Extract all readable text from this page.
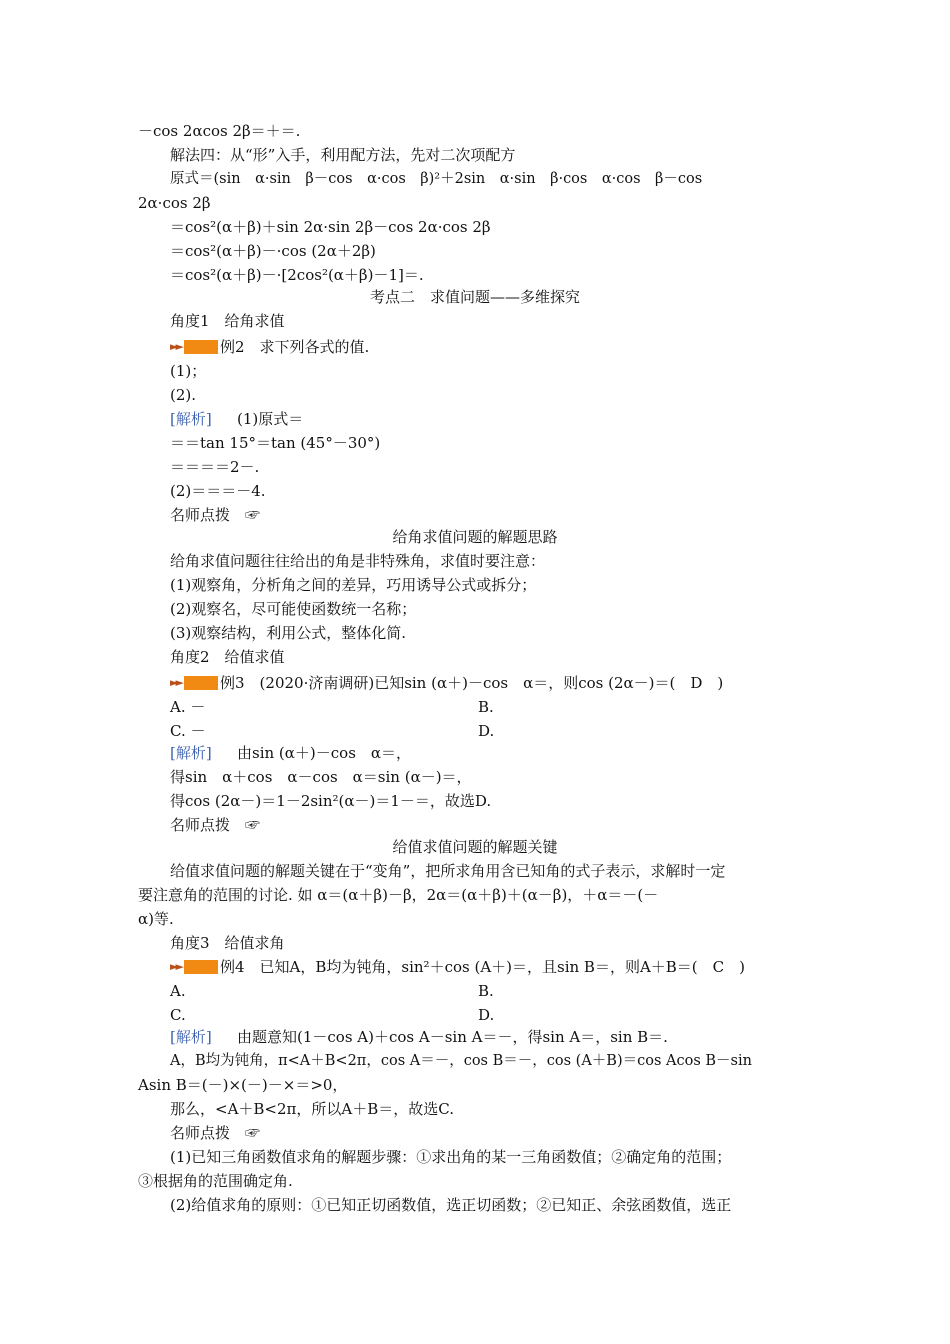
－cos 2αcos 2β＝＋＝.
解法四：从“形”入手，利用配方法，先对二次项配方
原式＝(sin　α·sin　β－cos　α·cos　β)²＋2sin　α·sin　β·cos　α·cos　β－cos
2α·cos 2β
＝cos²(α＋β)＋sin 2α·sin 2β－cos 2α·cos 2β
＝cos²(α＋β)－·cos (2α＋2β)
＝cos²(α＋β)－·[2cos²(α＋β)－1]＝.
考点二　求值问题——多维探究
角度1　给角求值
►►	例2　求下列各式的值.
(1)；
(2).
[解析] 　(1)原式＝
＝＝tan 15°＝tan (45°－30°)
＝＝＝＝2－.
(2)＝＝＝－4.
名师点拨　☞
给角求值问题的解题思路
给角求值问题往往给出的角是非特殊角，求值时要注意：
(1)观察角，分析角之间的差异，巧用诱导公式或拆分；
(2)观察名，尽可能使函数统一名称；
(3)观察结构，利用公式，整体化简.
角度2　给值求值
►►	例3　(2020·济南调研)已知sin (α＋)－cos　α＝，则cos (2α－)＝(　D　)
A. －	B.
C. －	D.
[解析] 　由sin (α＋)－cos　α＝，
得sin　α＋cos　α－cos　α＝sin (α－)＝，
得cos (2α－)＝1－2sin²(α－)＝1－＝，故选D.
名师点拨　☞
给值求值问题的解题关键
给值求值问题的解题关键在于“变角”，把所求角用含已知角的式子表示，求解时一定
要注意角的范围的讨论. 如 α＝(α＋β)－β，2α＝(α＋β)＋(α－β)，＋α＝－(－
α)等.
角度3　给值求角
►►	例4　已知A，B均为钝角，sin²＋cos (A＋)＝，且sin B＝，则A＋B＝(　C　)
A.	B.
C.	D.
[解析] 　由题意知(1－cos A)＋cos A－sin A＝－，得sin A＝，sin B＝.
A，B均为钝角，π<A＋B<2π，cos A＝－，cos B＝－，cos (A＋B)＝cos Acos B－sin
Asin B＝(－)×(－)－×＝>0，
那么，<A＋B<2π，所以A＋B＝，故选C.
名师点拨　☞
(1)已知三角函数值求角的解题步骤：①求出角的某一三角函数值；②确定角的范围；
③根据角的范围确定角.
(2)给值求角的原则：①已知正切函数值，选正切函数；②已知正、余弦函数值，选正
